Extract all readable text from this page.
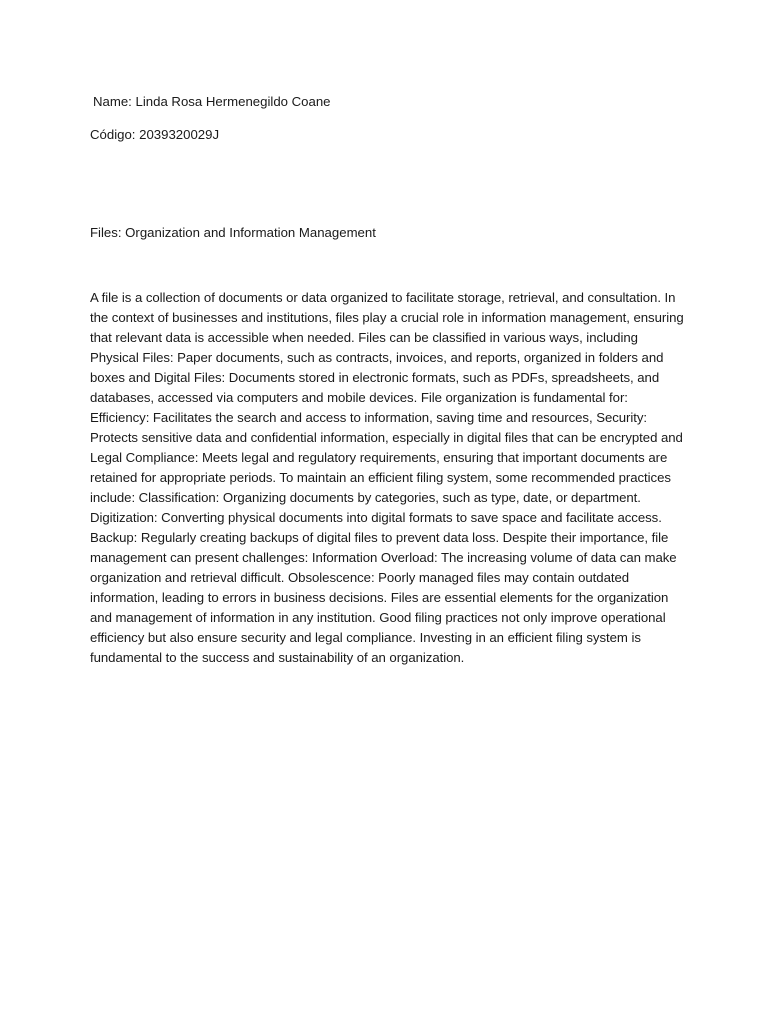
Name: Linda Rosa Hermenegildo Coane

Código: 2039320029J

Files: Organization and Information Management

A file is a collection of documents or data organized to facilitate storage, retrieval, and consultation. In the context of businesses and institutions, files play a crucial role in information management, ensuring that relevant data is accessible when needed. Files can be classified in various ways, including Physical Files: Paper documents, such as contracts, invoices, and reports, organized in folders and boxes and Digital Files: Documents stored in electronic formats, such as PDFs, spreadsheets, and databases, accessed via computers and mobile devices. File organization is fundamental for: Efficiency: Facilitates the search and access to information, saving time and resources, Security: Protects sensitive data and confidential information, especially in digital files that can be encrypted and Legal Compliance: Meets legal and regulatory requirements, ensuring that important documents are retained for appropriate periods. To maintain an efficient filing system, some recommended practices include: Classification: Organizing documents by categories, such as type, date, or department. Digitization: Converting physical documents into digital formats to save space and facilitate access. Backup: Regularly creating backups of digital files to prevent data loss. Despite their importance, file management can present challenges: Information Overload: The increasing volume of data can make organization and retrieval difficult. Obsolescence: Poorly managed files may contain outdated information, leading to errors in business decisions. Files are essential elements for the organization and management of information in any institution. Good filing practices not only improve operational efficiency but also ensure security and legal compliance. Investing in an efficient filing system is fundamental to the success and sustainability of an organization.
